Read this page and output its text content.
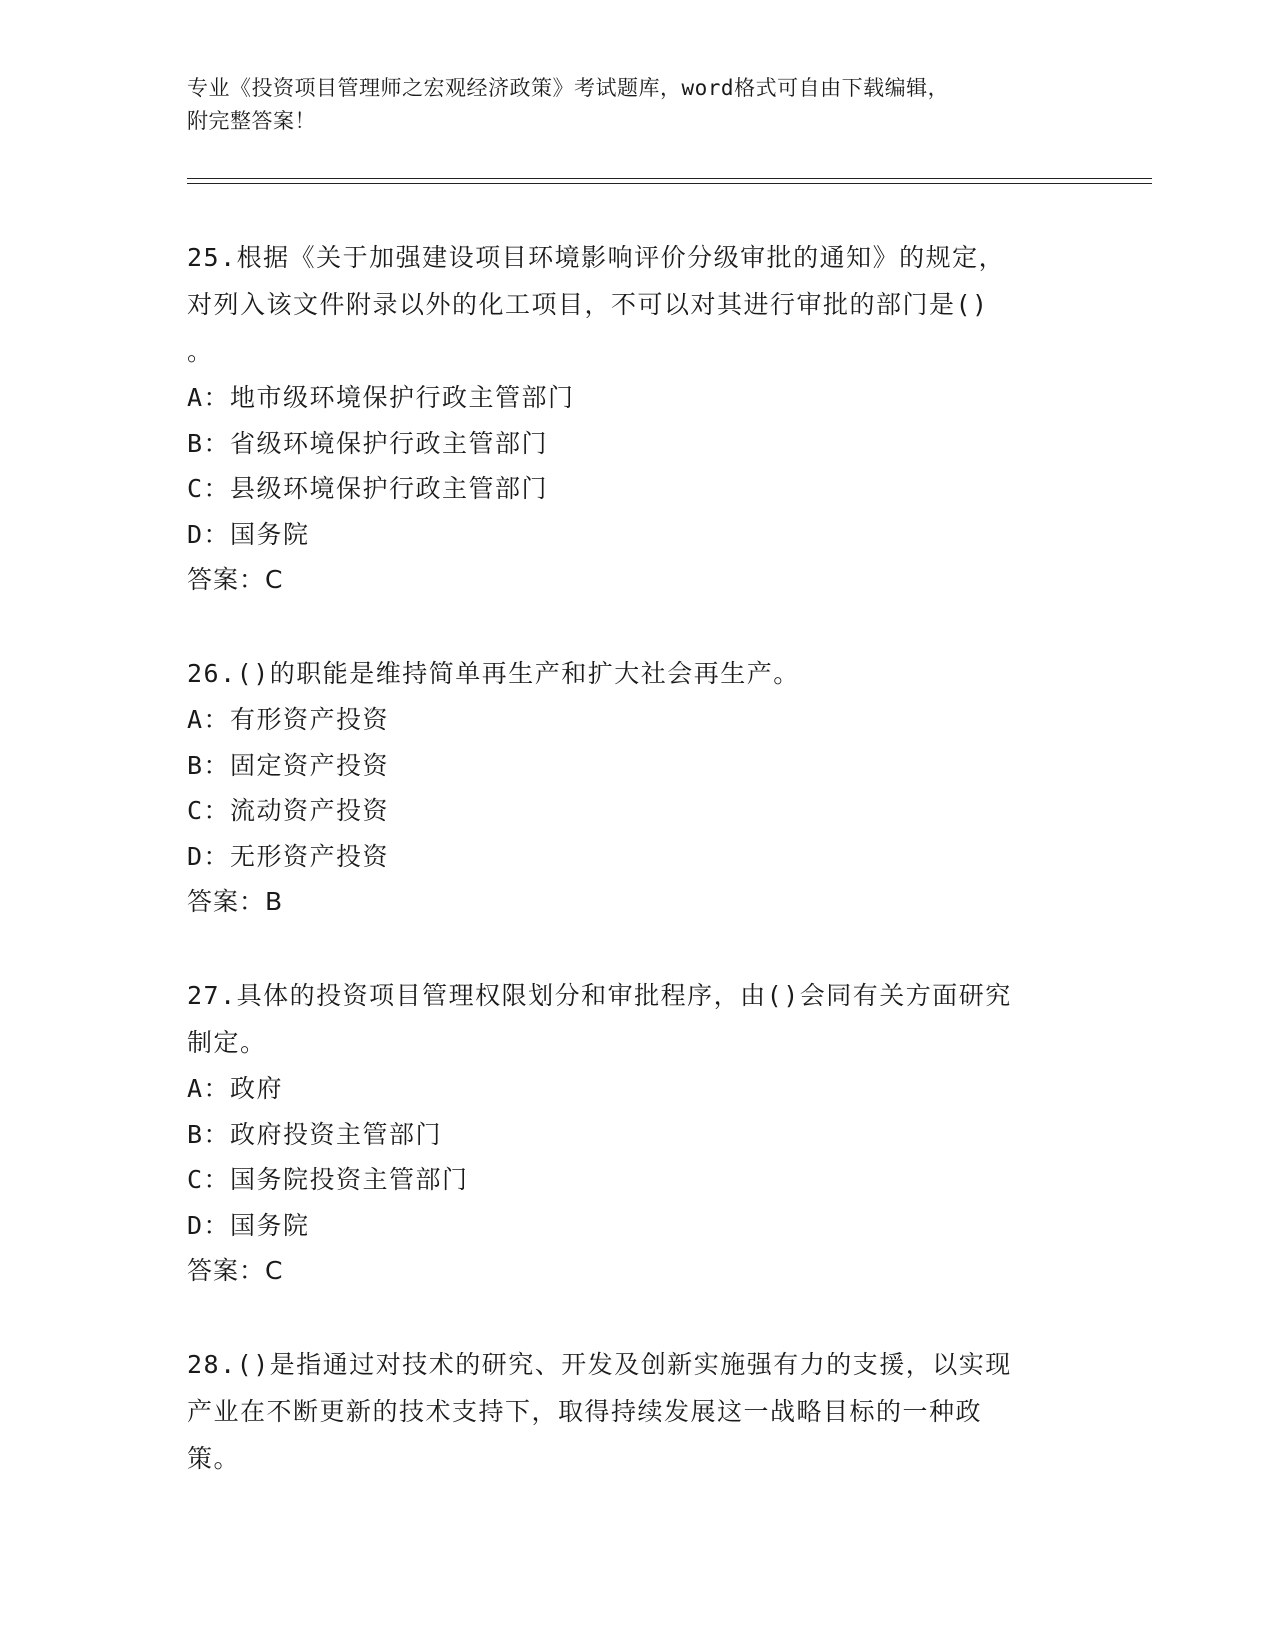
专业《投资项目管理师之宏观经济政策》考试题库，word格式可自由下载编辑，
附完整答案！
25.根据《关于加强建设项目环境影响评价分级审批的通知》的规定，
对列入该文件附录以外的化工项目，不可以对其进行审批的部门是()
。
A：地市级环境保护行政主管部门
B：省级环境保护行政主管部门
C：县级环境保护行政主管部门
D：国务院
答案：C
26.()的职能是维持简单再生产和扩大社会再生产。
A：有形资产投资
B：固定资产投资
C：流动资产投资
D：无形资产投资
答案：B
27.具体的投资项目管理权限划分和审批程序，由()会同有关方面研究
制定。
A：政府
B：政府投资主管部门
C：国务院投资主管部门
D：国务院
答案：C
28.()是指通过对技术的研究、开发及创新实施强有力的支援，以实现
产业在不断更新的技术支持下，取得持续发展这一战略目标的一种政
策。
